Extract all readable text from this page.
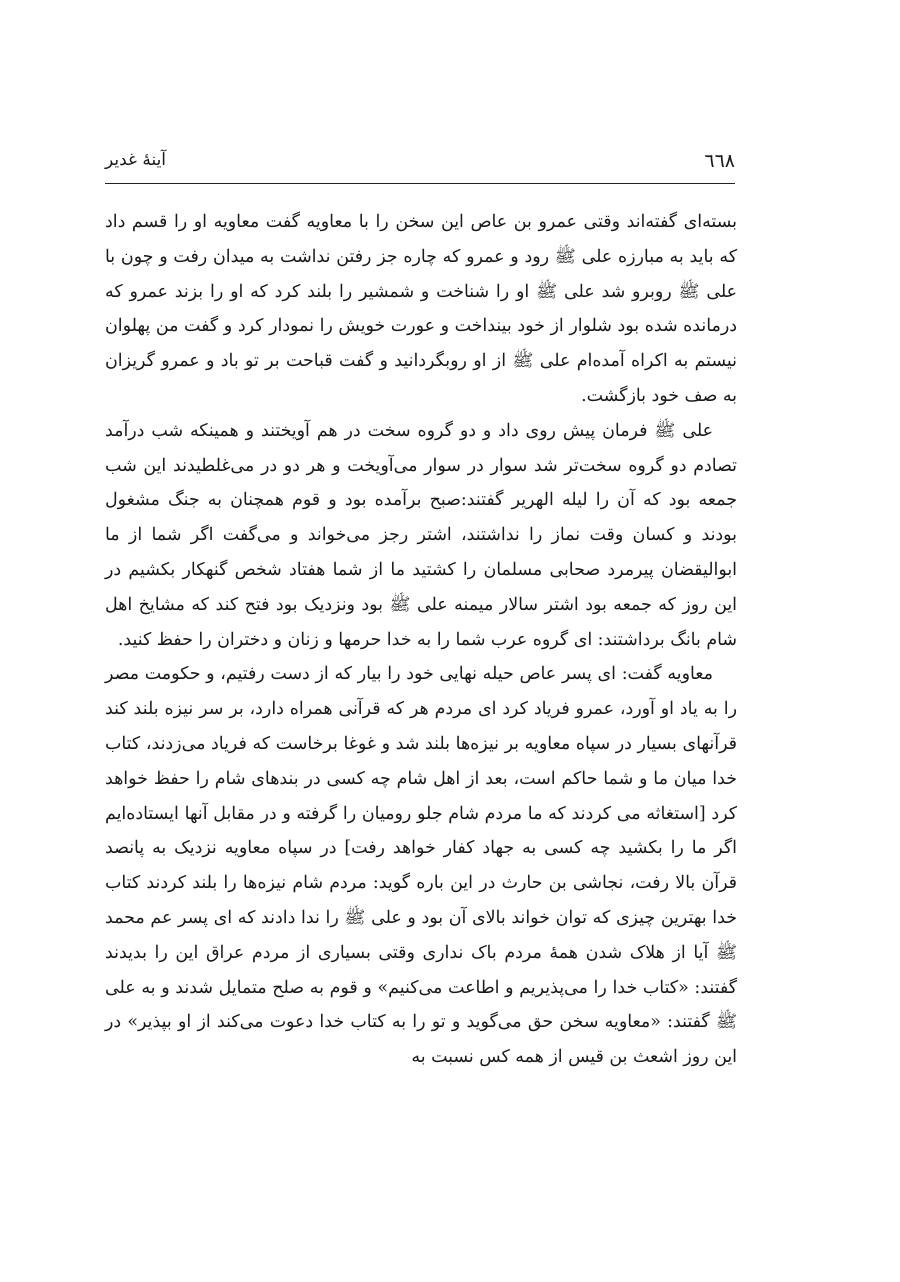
٦٦٨
آینهٔ غدیر

بسته‌ای گفته‌اند وقتی عمرو بن عاص این سخن را با معاویه گفت معاویه او را قسم داد که باید به مبارزه علی ﷺ رود و عمرو که چاره جز رفتن نداشت به میدان رفت و چون با علی ﷺ روبرو شد علی ﷺ او را شناخت و شمشیر را بلند کرد که او را بزند عمرو که درمانده شده بود شلوار از خود بینداخت و عورت خویش را نمودار کرد و گفت من پهلوان نیستم به اکراه آمده‌ام علی ﷺ از او روبگردانید و گفت قباحت بر تو باد و عمرو گریزان به صف خود بازگشت.

علی ﷺ فرمان پیش روی داد و دو گروه سخت در هم آویختند و همینکه شب درآمد تصادم دو گروه سخت‌تر شد سوار در سوار می‌آویخت و هر دو در می‌غلطیدند این شب جمعه بود که آن را لیله الهریر گفتند:صبح برآمده بود و قوم همچنان به جنگ مشغول بودند و کسان وقت نماز را نداشتند، اشتر رجز می‌خواند و می‌گفت اگر شما از ما ابوالیقضان پیرمرد صحابی مسلمان را کشتید ما از شما هفتاد شخص گنهکار بکشیم در این روز که جمعه بود اشتر سالار میمنه علی ﷺ بود ونزدیک بود فتح کند که مشایخ اهل شام بانگ برداشتند: ای گروه عرب شما را به خدا حرمها و زنان و دختران را حفظ کنید.

معاویه گفت: ای پسر عاص حیله نهایی خود را بیار که از دست رفتیم، و حکومت مصر را به یاد او آورد، عمرو فریاد کرد ای مردم هر که قرآنی همراه دارد، بر سر نیزه بلند کند قرآنهای بسیار در سپاه معاویه بر نیزه‌ها بلند شد و غوغا برخاست که فریاد می‌زدند، کتاب خدا میان ما و شما حاکم است، بعد از اهل شام چه کسی در بندهای شام را حفظ خواهد کرد [استغاثه می کردند که ما مردم شام جلو رومیان را گرفته و در مقابل آنها ایستاده‌ایم اگر ما را بکشید چه کسی به جهاد کفار خواهد رفت] در سپاه معاویه نزدیک به پانصد قرآن بالا رفت، نجاشی بن حارث در این باره گوید: مردم شام نیزه‌ها را بلند کردند کتاب خدا بهترین چیزی که توان خواند بالای آن بود و علی ﷺ را ندا دادند که ای پسر عم محمد ﷺ آیا از هلاک شدن همهٔ مردم باک نداری وقتی بسیاری از مردم عراق این را بدیدند گفتند: «کتاب خدا را می‌پذیریم و اطاعت می‌کنیم» و قوم به صلح متمایل شدند و به علی ﷺ گفتند: «معاویه سخن حق می‌گوید و تو را به کتاب خدا دعوت می‌کند از او بپذیر» در این روز اشعث بن قیس از همه کس نسبت به
